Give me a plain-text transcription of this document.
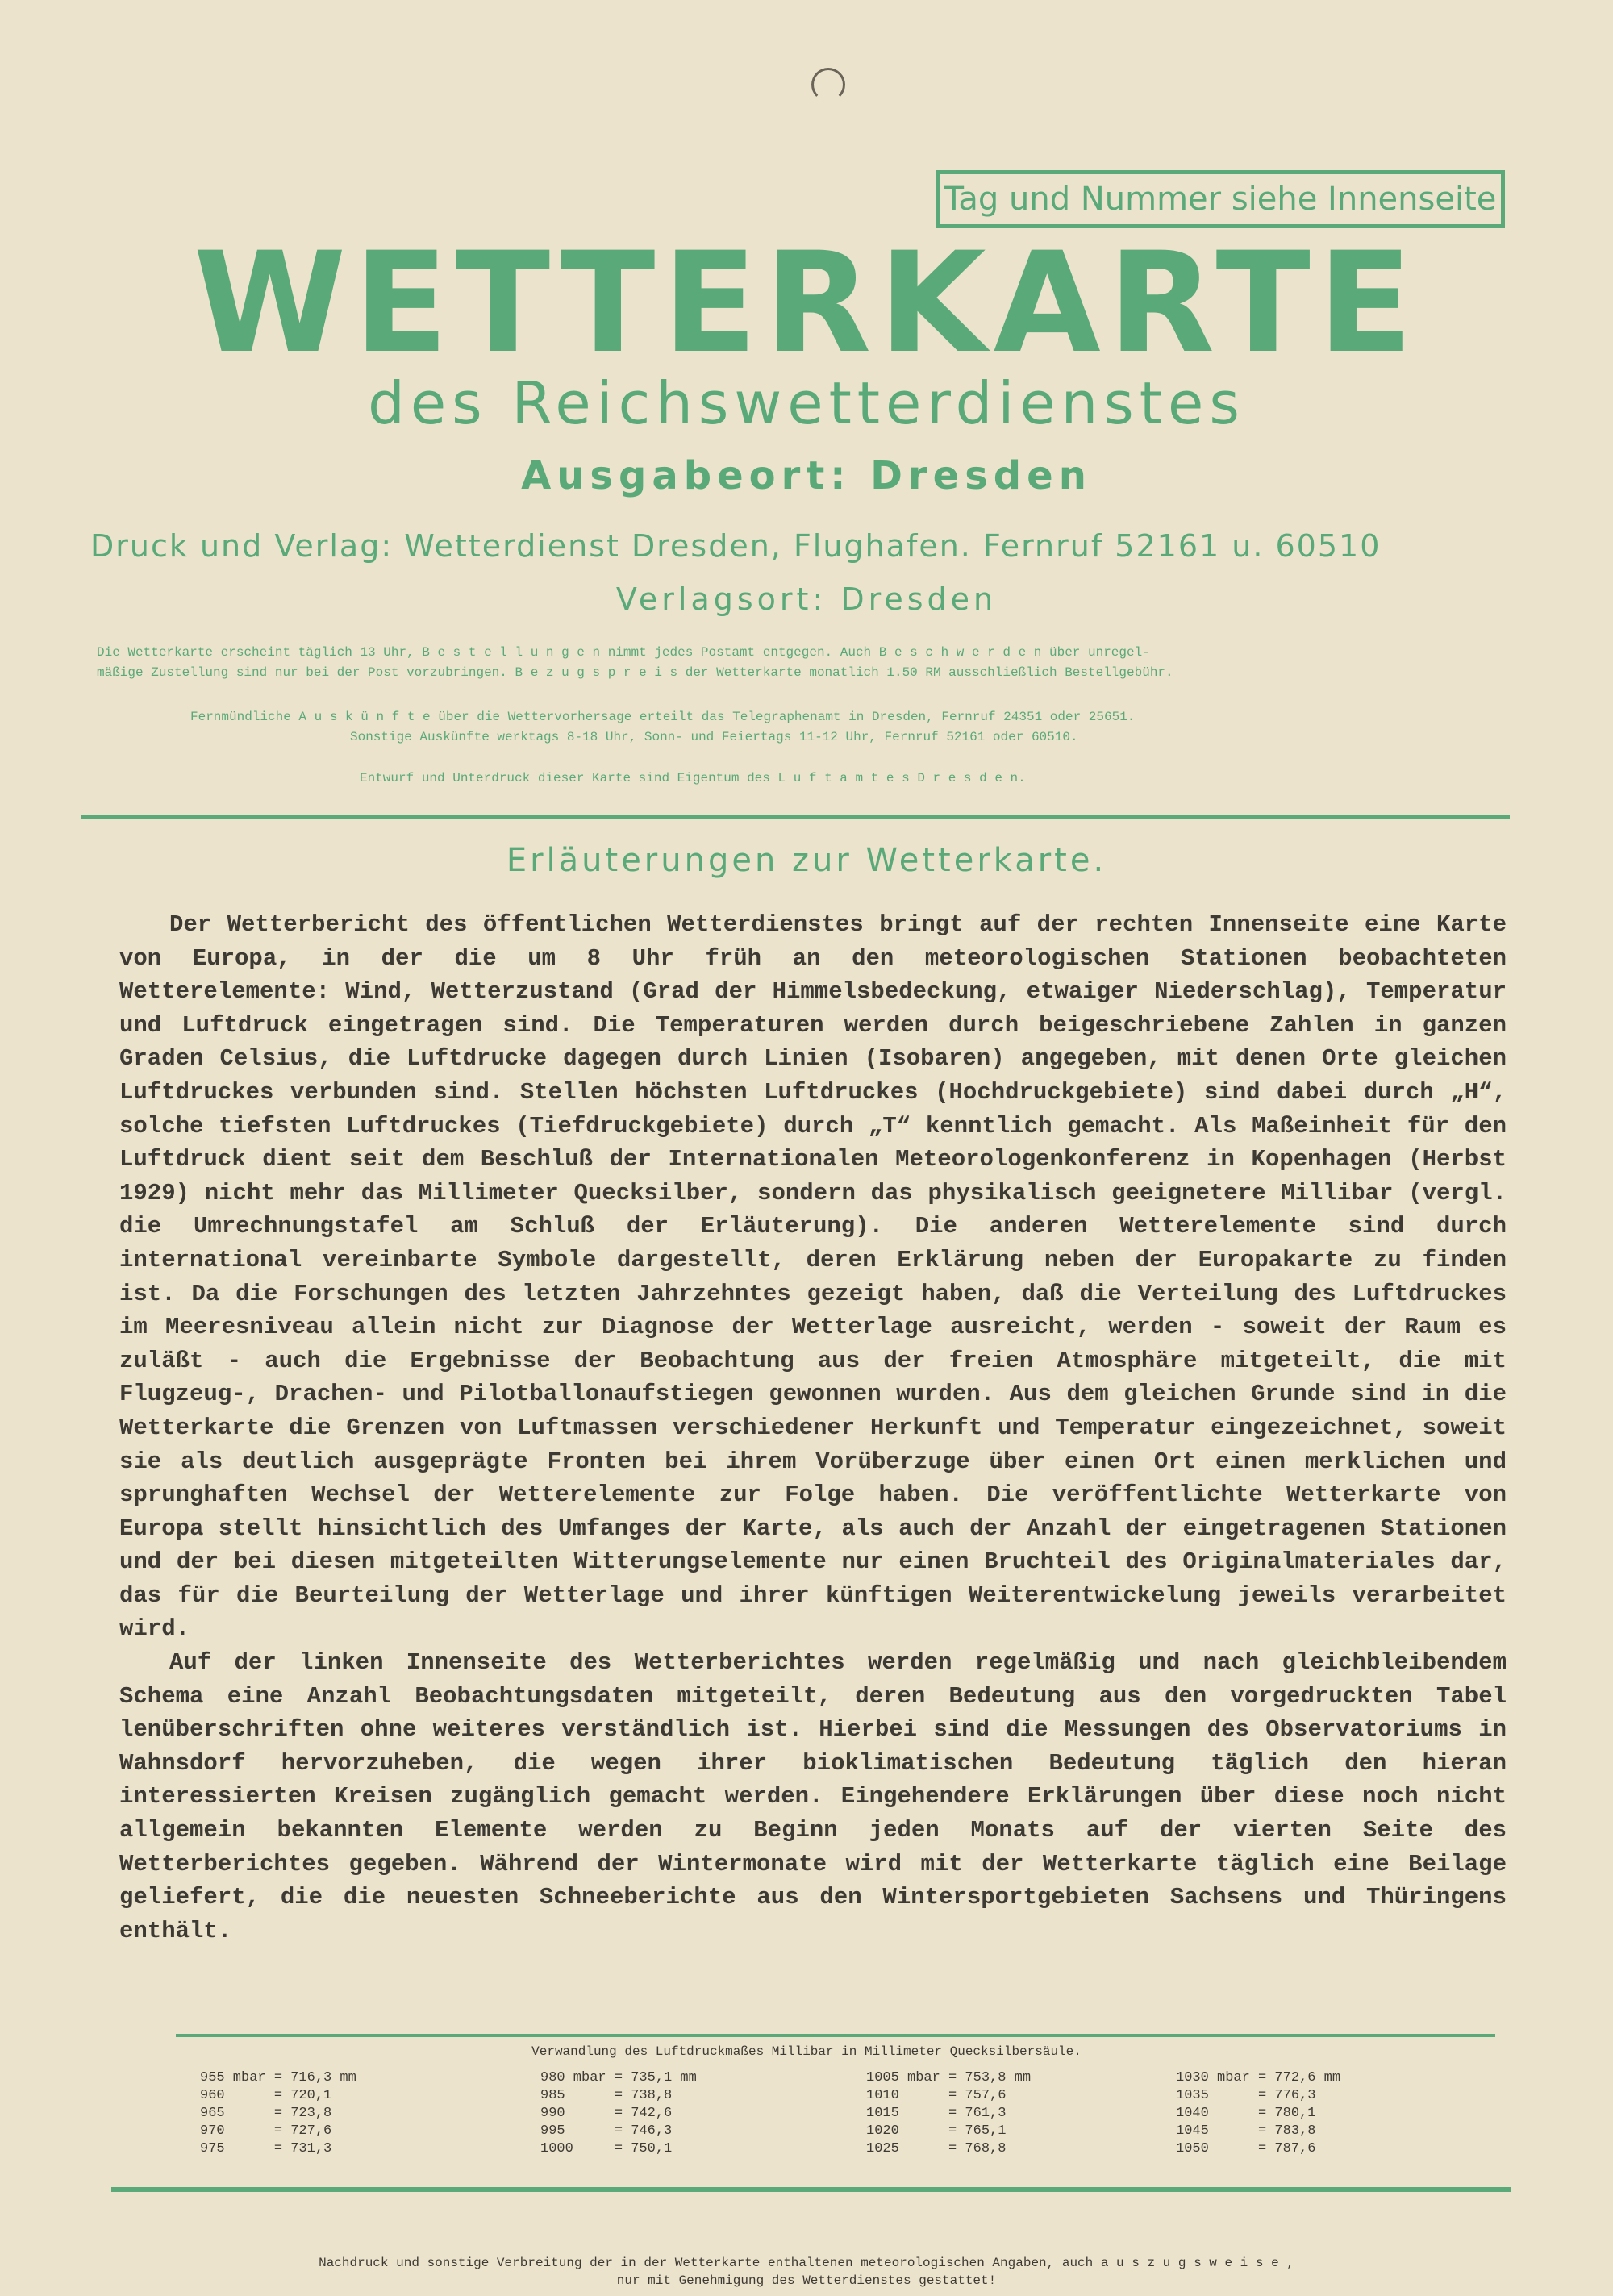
Tag und Nummer siehe Innenseite
WETTERKARTE
des Reichswetterdienstes
Ausgabeort: Dresden
Druck und Verlag: Wetterdienst Dresden, Flughafen. Fernruf 52161 u. 60510
Verlagsort: Dresden
Die Wetterkarte erscheint täglich 13 Uhr, B e s t e l l u n g e n nimmt jedes Postamt entgegen. Auch B e s c h w e r d e n über unregel-
mäßige Zustellung sind nur bei der Post vorzubringen. B e z u g s p r e i s der Wetterkarte monatlich 1.50 RM ausschließlich Bestellgebühr.
Fernmündliche A u s k ü n f t e über die Wettervorhersage erteilt das Telegraphenamt in Dresden, Fernruf 24351 oder 25651.
Sonstige Auskünfte werktags 8-18 Uhr, Sonn- und Feiertags 11-12 Uhr, Fernruf 52161 oder 60510.
Entwurf und Unterdruck dieser Karte sind Eigentum des L u f t a m t e s D r e s d e n.
Erläuterungen zur Wetterkarte.

Der Wetterbericht des öffentlichen Wetterdienstes bringt auf der rechten Innenseite eine Karte von Europa, in der die um 8 Uhr früh an den meteorologischen Stationen beobachteten Wetterelemente: Wind, Wetterzustand (Grad der Himmelsbedeckung, etwaiger Niederschlag), Temperatur und Luftdruck eingetragen sind. Die Temperaturen werden durch beigeschriebene Zahlen in ganzen Graden Celsius, die Luftdrucke dagegen durch Linien (Isobaren) angegeben, mit denen Orte gleichen Luftdruckes verbunden sind. Stellen höchsten Luftdruckes (Hochdruckgebiete) sind dabei durch „H“, solche tiefsten Luftdruckes (Tiefdruckgebiete) durch „T“ kenntlich gemacht. Als Maßeinheit für den Luftdruck dient seit dem Beschluß der Internationalen Meteorologenkonferenz in Kopenhagen (Herbst 1929) nicht mehr das Millimeter Quecksilber, sondern das physikalisch geeignetere Millibar (vergl. die Umrechnungstafel am Schluß der Erläuterung). Die anderen Wetterelemente sind durch international vereinbarte Symbole dargestellt, deren Erklärung neben der Europakarte zu finden ist. Da die Forschungen des letzten Jahrzehntes gezeigt haben, daß die Verteilung des Luftdruckes im Meeresniveau allein nicht zur Diagnose der Wetterlage ausreicht, werden - soweit der Raum es zuläßt - auch die Ergebnisse der Beobachtung aus der freien Atmosphäre mitgeteilt, die mit Flugzeug-, Drachen- und Pilotballonaufstiegen gewonnen wurden. Aus dem gleichen Grunde sind in die Wetterkarte die Grenzen von Luftmassen verschiedener Herkunft und Temperatur eingezeichnet, soweit sie als deutlich ausgeprägte Fronten bei ihrem Vorüberzuge über einen Ort einen merklichen und sprunghaften Wechsel der Wetterelemente zur Folge haben. Die veröffentlichte Wetterkarte von Europa stellt hinsichtlich des Umfanges der Karte, als auch der Anzahl der eingetragenen Stationen und der bei diesen mitgeteilten Witterungselemente nur einen Bruchteil des Originalmateriales dar, das für die Beurteilung der Wetterlage und ihrer künftigen Weiterentwickelung jeweils verarbeitet wird.

Auf der linken Innenseite des Wetterberichtes werden regelmäßig und nach gleichbleibendem Schema eine Anzahl Beobachtungsdaten mitgeteilt, deren Bedeutung aus den vorgedruckten Tabel lenüberschriften ohne weiteres verständlich ist. Hierbei sind die Messungen des Observatoriums in Wahnsdorf hervorzuheben, die wegen ihrer bioklimatischen Bedeutung täglich den hieran interessierten Kreisen zugänglich gemacht werden. Eingehendere Erklärungen über diese noch nicht allgemein bekannten Elemente werden zu Beginn jeden Monats auf der vierten Seite des Wetterberichtes gegeben. Während der Wintermonate wird mit der Wetterkarte täglich eine Beilage geliefert, die die neuesten Schneeberichte aus den Wintersportgebieten Sachsens und Thüringens enthält.

Verwandlung des Luftdruckmaßes Millibar in Millimeter Quecksilbersäule.
955 mbar = 716,3 mm
960      = 720,1
965      = 723,8
970      = 727,6
975      = 731,3
980 mbar = 735,1 mm
985      = 738,8
990      = 742,6
995      = 746,3
1000     = 750,1
1005 mbar = 753,8 mm
1010      = 757,6
1015      = 761,3
1020      = 765,1
1025      = 768,8
1030 mbar = 772,6 mm
1035      = 776,3
1040      = 780,1
1045      = 783,8
1050      = 787,6
Nachdruck und sonstige Verbreitung der in der Wetterkarte enthaltenen meteorologischen Angaben, auch a u s z u g s w e i s e ,
nur mit Genehmigung des Wetterdienstes gestattet!
